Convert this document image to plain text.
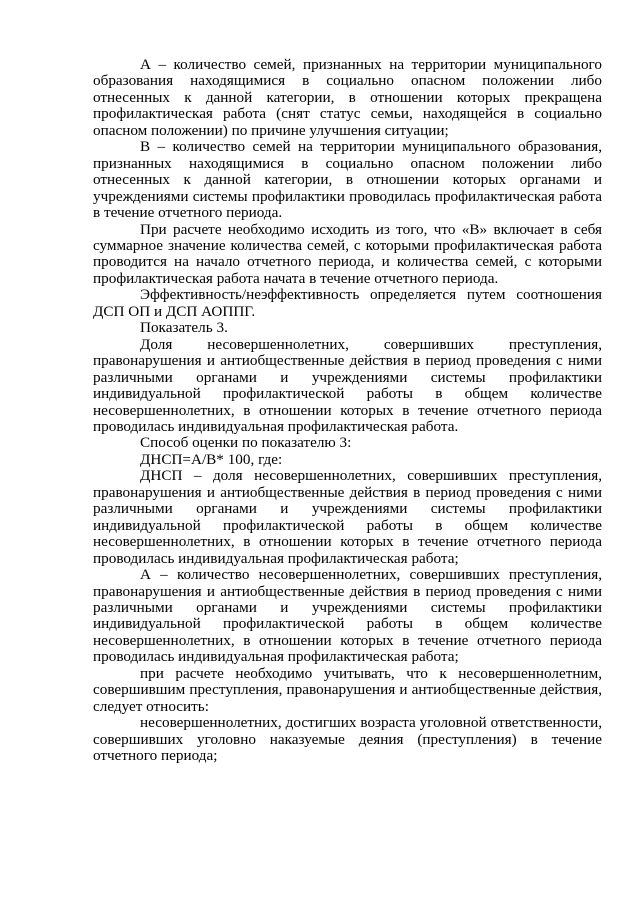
А – количество семей, признанных на территории муниципального образования находящимися в социально опасном положении либо отнесенных к данной категории, в отношении которых прекращена профилактическая работа (снят статус семьи, находящейся в социально опасном положении) по причине улучшения ситуации;

В – количество семей на территории муниципального образования, признанных находящимися в социально опасном положении либо отнесенных к данной категории, в отношении которых органами и учреждениями системы профилактики проводилась профилактическая работа в течение отчетного периода.

При расчете необходимо исходить из того, что «В» включает в себя суммарное значение количества семей, с которыми профилактическая работа проводится на начало отчетного периода, и количества семей, с которыми профилактическая работа начата в течение отчетного периода.

Эффективность/неэффективность определяется путем соотношения ДСП ОП и ДСП АОППГ.

Показатель 3.

Доля несовершеннолетних, совершивших преступления, правонарушения и антиобщественные действия в период проведения с ними различными органами и учреждениями системы профилактики индивидуальной профилактической работы в общем количестве несовершеннолетних, в отношении которых в течение отчетного периода проводилась индивидуальная профилактическая работа.

Способ оценки по показателю 3:

ДНСП=А/В* 100, где:

ДНСП – доля несовершеннолетних, совершивших преступления, правонарушения и антиобщественные действия в период проведения с ними различными органами и учреждениями системы профилактики индивидуальной профилактической работы в общем количестве несовершеннолетних, в отношении которых в течение отчетного периода проводилась индивидуальная профилактическая работа;

А – количество несовершеннолетних, совершивших преступления, правонарушения и антиобщественные действия в период проведения с ними различными органами и учреждениями системы профилактики индивидуальной профилактической работы в общем количестве несовершеннолетних, в отношении которых в течение отчетного периода проводилась индивидуальная профилактическая работа;

при расчете необходимо учитывать, что к несовершеннолетним, совершившим преступления, правонарушения и антиобщественные действия, следует относить:

несовершеннолетних, достигших возраста уголовной ответственности, совершивших уголовно наказуемые деяния (преступления) в течение отчетного периода;
